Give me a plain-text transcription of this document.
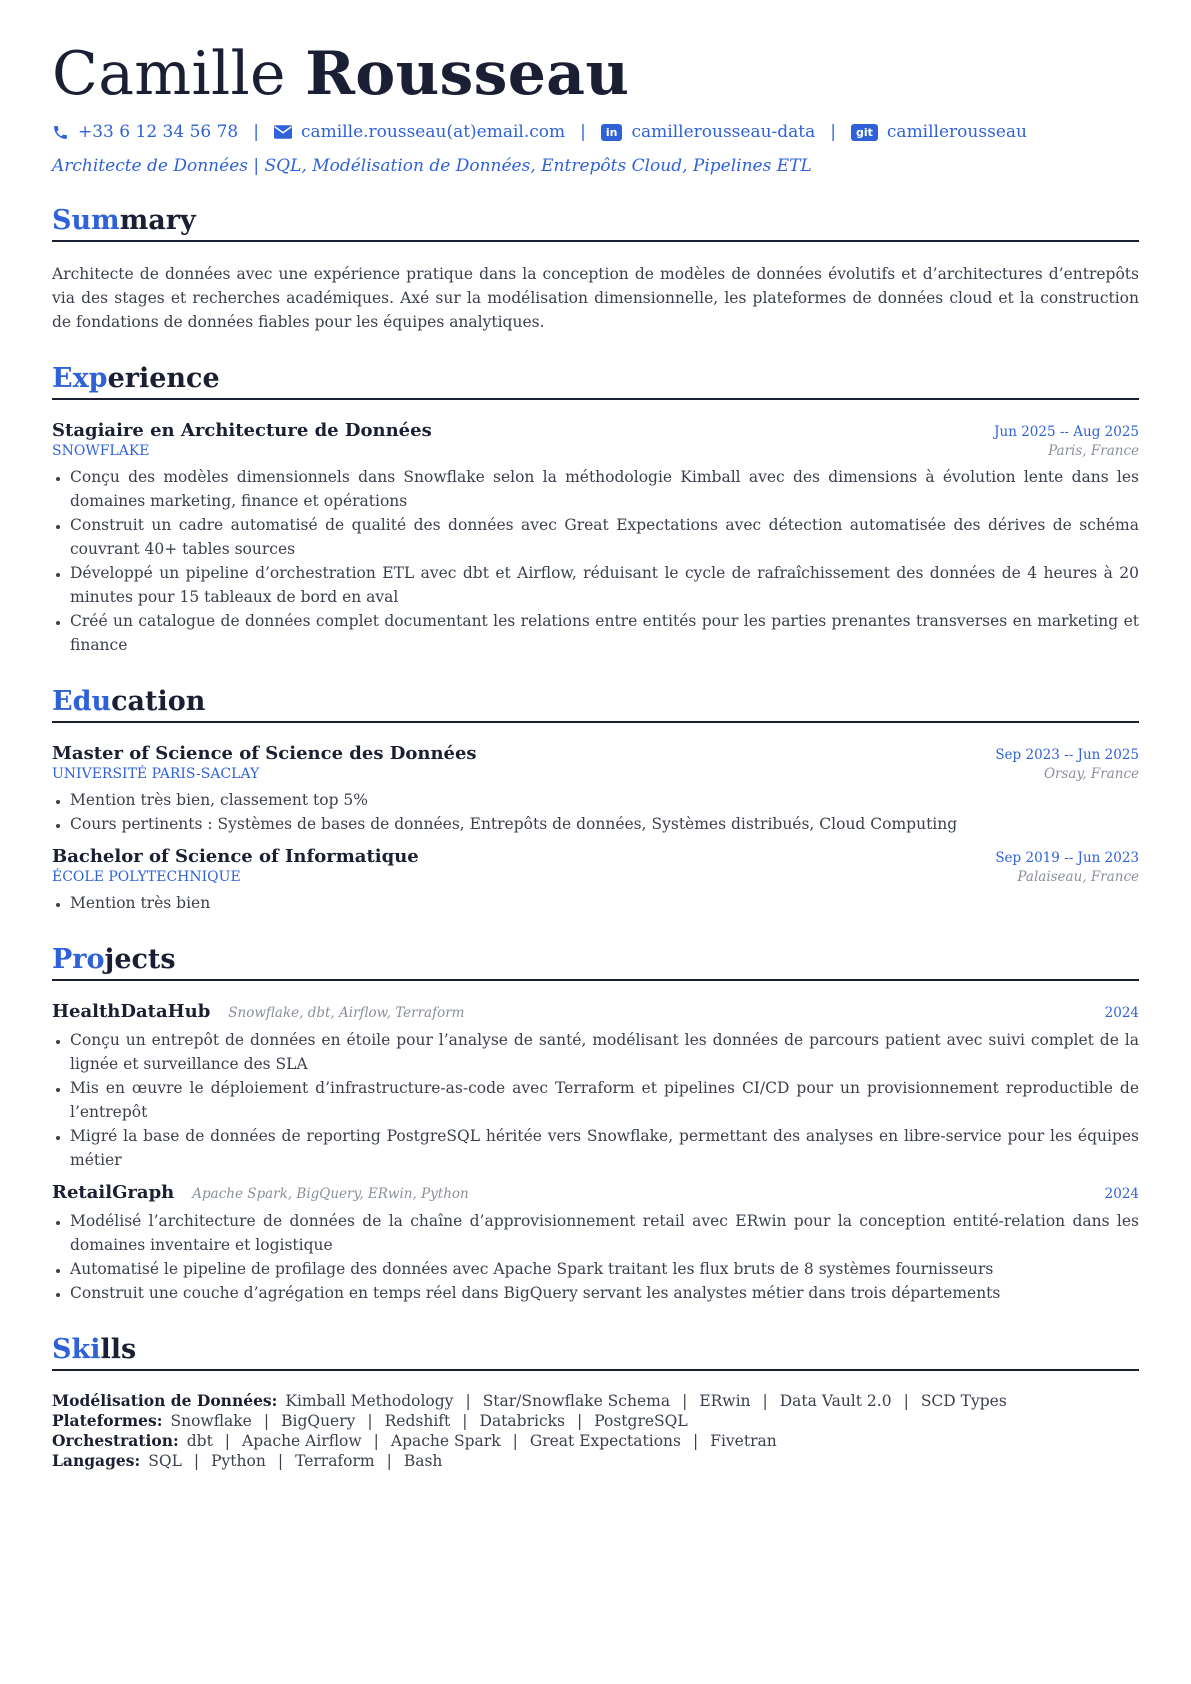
Camille Rousseau
+33 6 12 34 56 78 | camille.rousseau(at)email.com |	in camillerousseau-data |	git camillerousseau
Architecte de Données | SQL, Modélisation de Données, Entrepôts Cloud, Pipelines ETL
Summary
Architecte de données avec une expérience pratique dans la conception de modèles de données évolutifs et d’architectures d’entrepôts via des stages et recherches académiques. Axé sur la modélisation dimensionnelle, les plateformes de données cloud et la construction de fondations de données fiables pour les équipes analytiques.
Experience
Stagiaire en Architecture de Données	Jun 2025 -- Aug 2025
SNOWFLAKE	Paris, France
• Conçu des modèles dimensionnels dans Snowflake selon la méthodologie Kimball avec des dimensions à évolution lente dans les domaines marketing, finance et opérations
• Construit un cadre automatisé de qualité des données avec Great Expectations avec détection automatisée des dérives de schéma couvrant 40+ tables sources
• Développé un pipeline d’orchestration ETL avec dbt et Airflow, réduisant le cycle de rafraîchissement des données de 4 heures à 20 minutes pour 15 tableaux de bord en aval
• Créé un catalogue de données complet documentant les relations entre entités pour les parties prenantes transverses en marketing et finance
Education
Master of Science of Science des Données	Sep 2023 -- Jun 2025
UNIVERSITÉ PARIS-SACLAY	Orsay, France
• Mention très bien, classement top 5%
• Cours pertinents : Systèmes de bases de données, Entrepôts de données, Systèmes distribués, Cloud Computing
Bachelor of Science of Informatique	Sep 2019 -- Jun 2023
ÉCOLE POLYTECHNIQUE	Palaiseau, France
• Mention très bien
Projects
HealthDataHub Snowflake, dbt, Airflow, Terraform	2024
• Conçu un entrepôt de données en étoile pour l’analyse de santé, modélisant les données de parcours patient avec suivi complet de la lignée et surveillance des SLA
• Mis en œuvre le déploiement d’infrastructure-as-code avec Terraform et pipelines CI/CD pour un provisionnement reproductible de l’entrepôt
• Migré la base de données de reporting PostgreSQL héritée vers Snowflake, permettant des analyses en libre-service pour les équipes métier
RetailGraph Apache Spark, BigQuery, ERwin, Python	2024
• Modélisé l’architecture de données de la chaîne d’approvisionnement retail avec ERwin pour la conception entité-relation dans les domaines inventaire et logistique
• Automatisé le pipeline de profilage des données avec Apache Spark traitant les flux bruts de 8 systèmes fournisseurs
• Construit une couche d’agrégation en temps réel dans BigQuery servant les analystes métier dans trois départements
Skills
Modélisation de Données: Kimball Methodology | Star/Snowflake Schema | ERwin | Data Vault 2.0 | SCD Types
Plateformes: Snowflake | BigQuery | Redshift | Databricks | PostgreSQL
Orchestration: dbt | Apache Airflow | Apache Spark | Great Expectations | Fivetran
Langages: SQL | Python | Terraform | Bash
